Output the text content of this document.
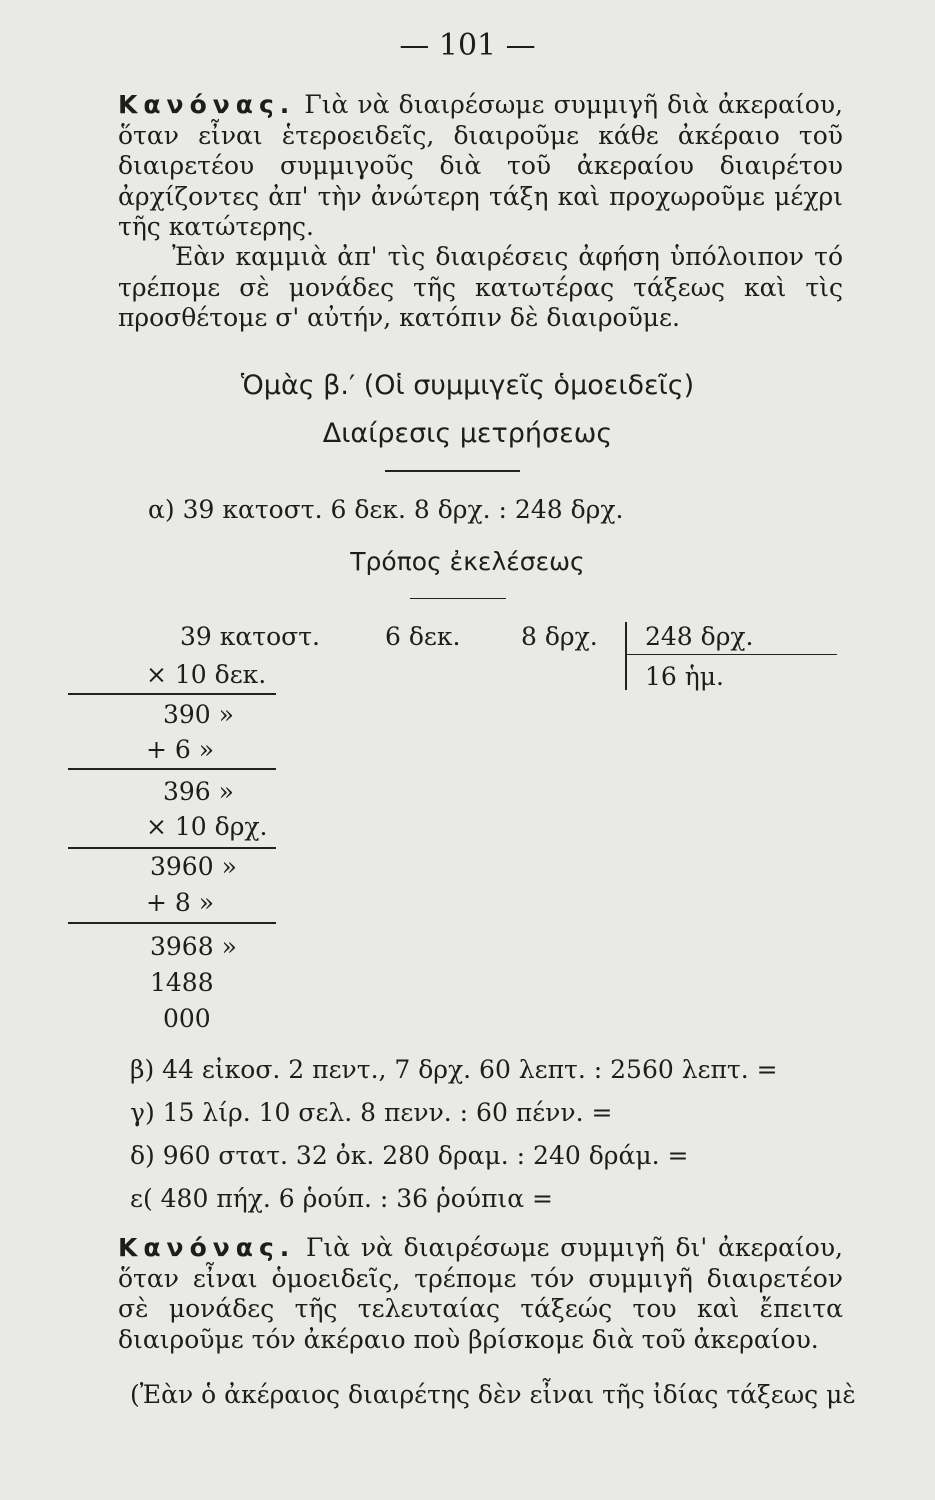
— 101 —
Κανόνας. Γιὰ νὰ διαιρέσωμε συμμιγῆ διὰ ἀκεραίου, ὅταν εἶναι ἑτεροειδεῖς, διαιροῦμε κάθε ἀκέραιο τοῦ διαιρετέου συμμιγοῦς διὰ τοῦ ἀκεραίου διαιρέτου ἀρχίζοντες ἀπ' τὴν ἀνώτερη τάξη καὶ προχωροῦμε μέχρι τῆς κατώτερης.
Ἐὰν καμμιὰ ἀπ' τὶς διαιρέσεις ἀφήση ὑπόλοιπον τό τρέπομε σὲ μονάδες τῆς κατωτέρας τάξεως καὶ τὶς προσθέτομε σ' αὐτήν, κατόπιν δὲ διαιροῦμε.
Ὁμὰς β.′ (Οἱ συμμιγεῖς ὁμοειδεῖς)
Διαίρεσις μετρήσεως
α) 39 κατοστ. 6 δεκ. 8 δρχ. : 248 δρχ.
Τρόπος ἐκελέσεως
39 κατοστ.	6 δεκ. 8 δρχ. 248 δρχ.
16 ἡμ.
× 10 δεκ.
390 »
+ 6 »
396 »
× 10 δρχ.
3960 »
+ 8 »
3968 »
1488
000
β) 44 εἰκοσ. 2 πεντ., 7 δρχ. 60 λεπτ. : 2560 λεπτ. =
γ) 15 λίρ. 10 σελ. 8 πενν. : 60 πένν. =
δ) 960 στατ. 32 ὀκ. 280 δραμ. : 240 δράμ. =
ε( 480 πήχ. 6 ῥούπ. : 36 ῥούπια =
Κανόνας. Γιὰ νὰ διαιρέσωμε συμμιγῆ δι' ἀκεραίου, ὅταν εἶναι ὁμοειδεῖς, τρέπομε τόν συμμιγῆ διαιρετέον σὲ μονάδες τῆς τελευταίας τάξεώς του καὶ ἔπειτα διαιροῦμε τόν ἀκέραιο ποὺ βρίσκομε διὰ τοῦ ἀκεραίου.
(Ἐὰν ὁ ἀκέραιος διαιρέτης δὲν εἶναι τῆς ἰδίας τάξεως μὲ
